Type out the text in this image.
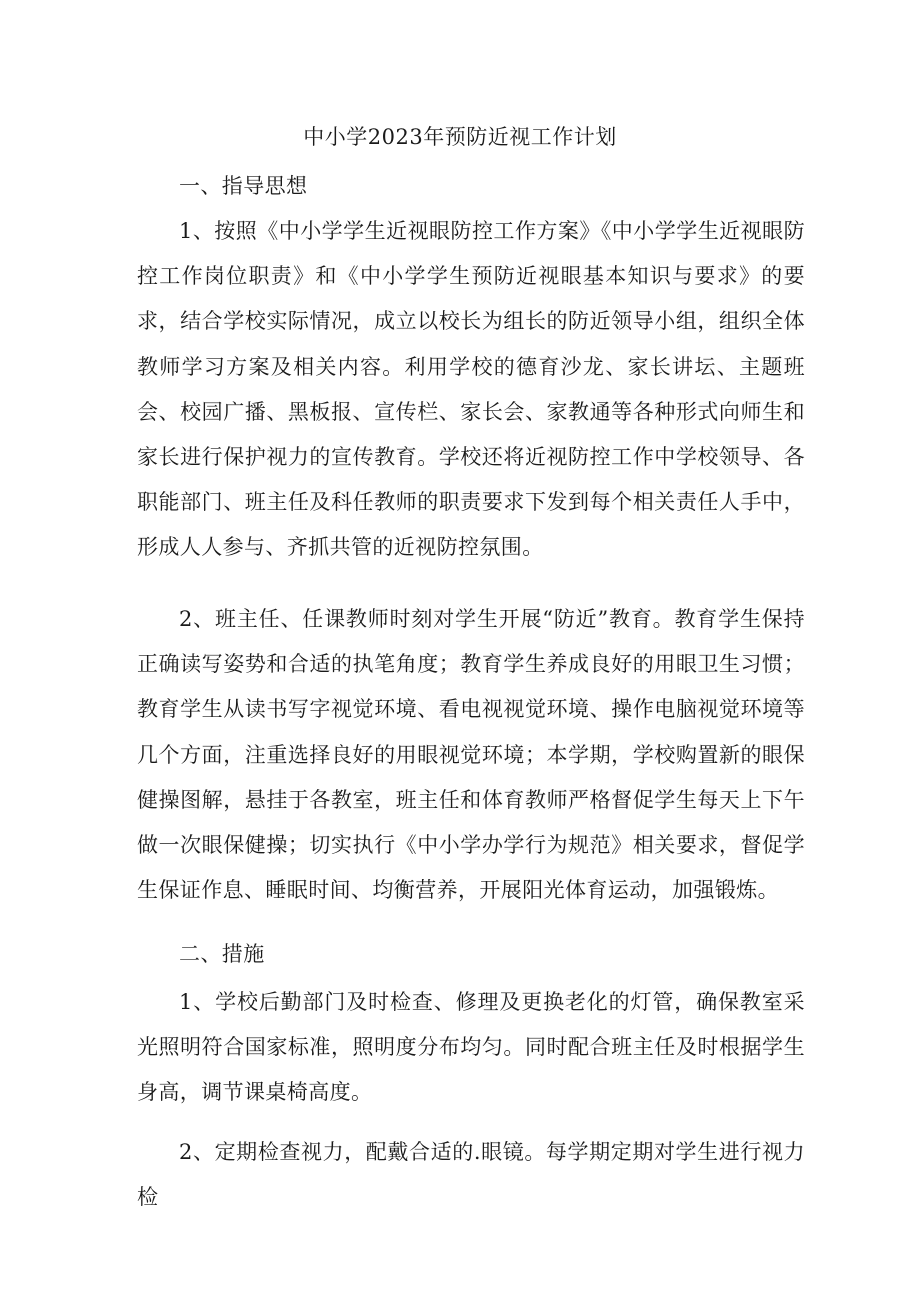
中小学2023年预防近视工作计划

一、指导思想

1、按照《中小学学生近视眼防控工作方案》《中小学学生近视眼防控工作岗位职责》和《中小学学生预防近视眼基本知识与要求》的要求，结合学校实际情况，成立以校长为组长的防近领导小组，组织全体教师学习方案及相关内容。利用学校的德育沙龙、家长讲坛、主题班会、校园广播、黑板报、宣传栏、家长会、家教通等各种形式向师生和家长进行保护视力的宣传教育。学校还将近视防控工作中学校领导、各职能部门、班主任及科任教师的职责要求下发到每个相关责任人手中，形成人人参与、齐抓共管的近视防控氛围。

2、班主任、任课教师时刻对学生开展“防近”教育。教育学生保持正确读写姿势和合适的执笔角度；教育学生养成良好的用眼卫生习惯；教育学生从读书写字视觉环境、看电视视觉环境、操作电脑视觉环境等几个方面，注重选择良好的用眼视觉环境；本学期，学校购置新的眼保健操图解，悬挂于各教室，班主任和体育教师严格督促学生每天上下午做一次眼保健操；切实执行《中小学办学行为规范》相关要求，督促学生保证作息、睡眠时间、均衡营养，开展阳光体育运动，加强锻炼。

二、措施

1、学校后勤部门及时检查、修理及更换老化的灯管，确保教室采光照明符合国家标准，照明度分布均匀。同时配合班主任及时根据学生身高，调节课桌椅高度。

2、定期检查视力，配戴合适的.眼镜。每学期定期对学生进行视力检
